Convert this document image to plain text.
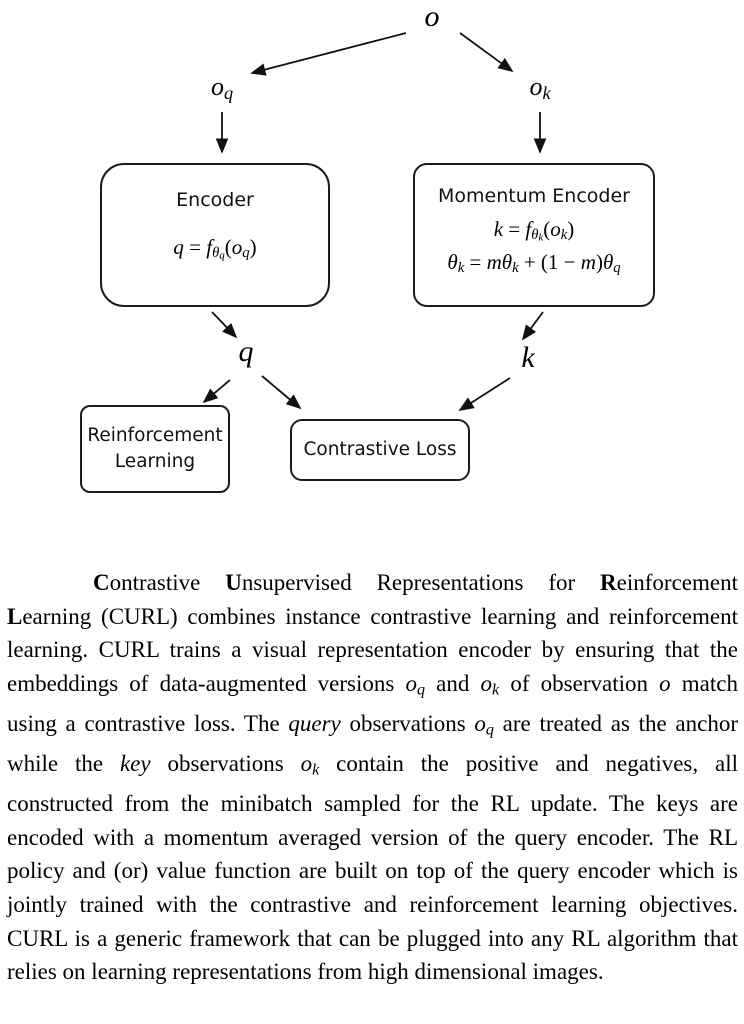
o
oq	ok
Encoder
$q = f\theta_q(oq)$
Momentum Encoder
$k = f\theta_k(ok)$
θk = mθk + (1 − m)θq
q	k
Reinforcement
Learning
Contrastive Loss

Contrastive Unsupervised Representations for Reinforcement Learning (CURL) combines instance contrastive learning and reinforcement learning. CURL trains a visual representation encoder by ensuring that the embeddings of data-augmented versions oq and ok of observation o match using a contrastive loss. The query observations oq are treated as the anchor while the key observations ok contain the positive and negatives, all constructed from the minibatch sampled for the RL update. The keys are encoded with a momentum averaged version of the query encoder. The RL policy and (or) value function are built on top of the query encoder which is jointly trained with the contrastive and reinforcement learning objectives. CURL is a generic framework that can be plugged into any RL algorithm that relies on learning representations from high dimensional images.
